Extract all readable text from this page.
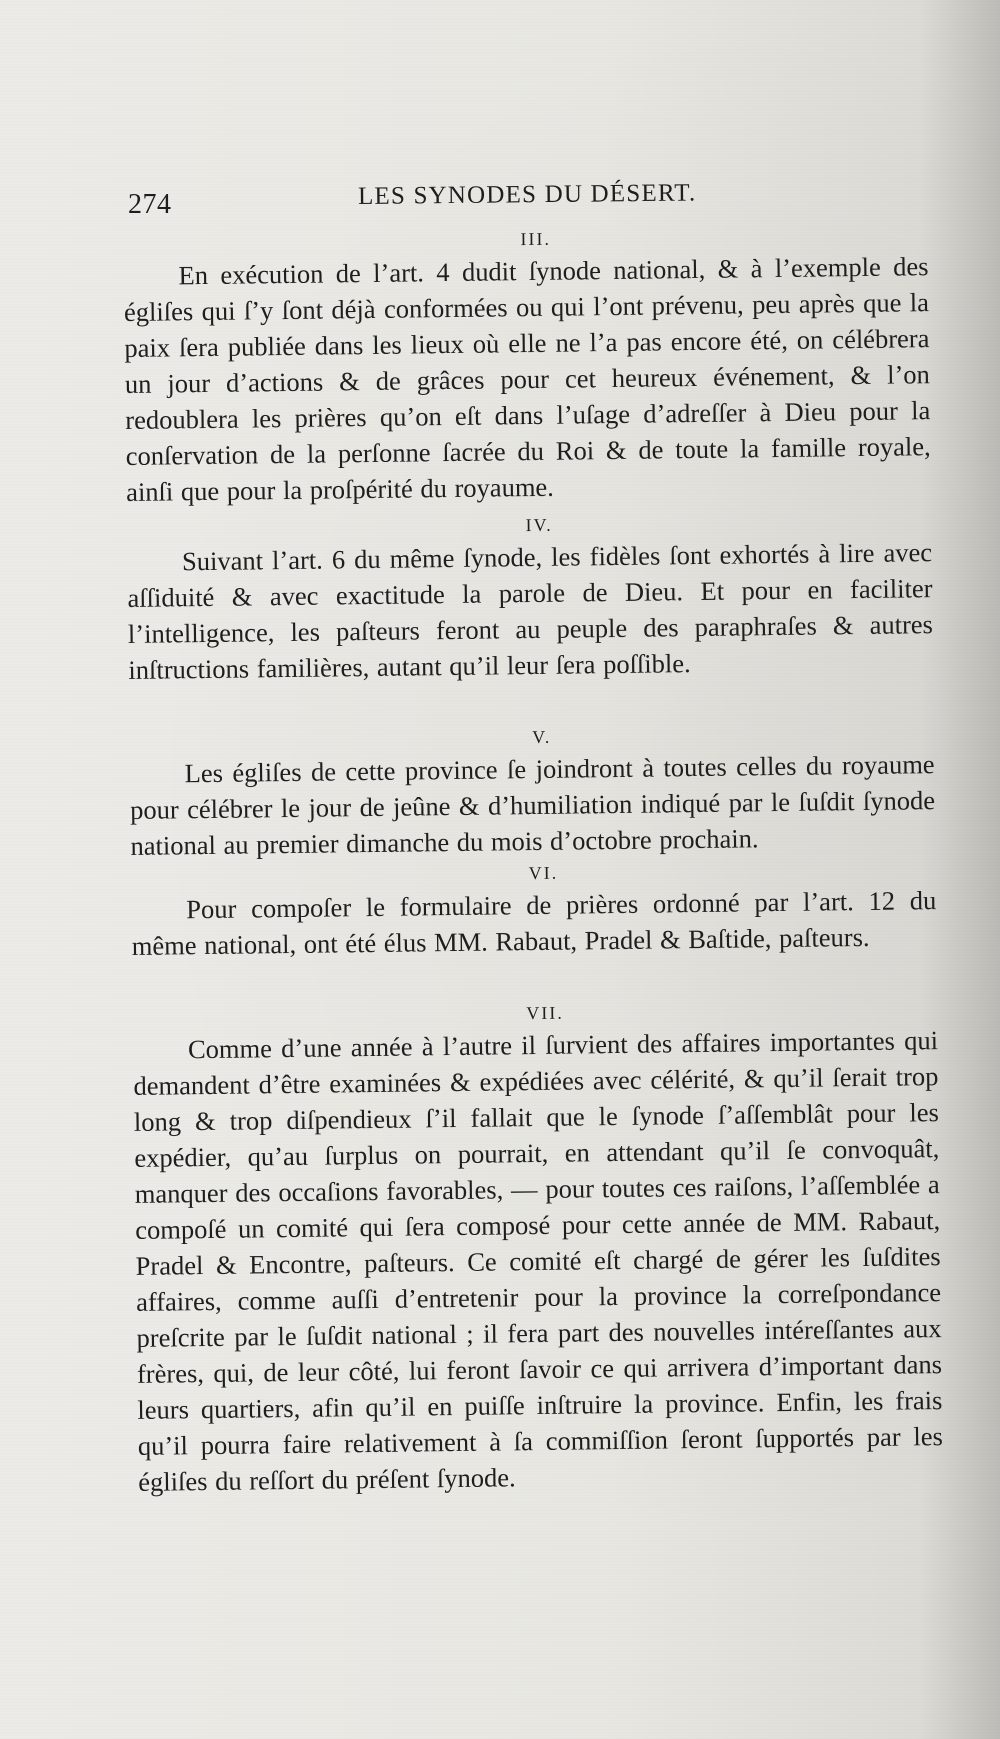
274	LES SYNODES DU DÉSERT.
III.

En exécution de l’art. 4 dudit ſynode national, & à l’exemple des égliſes qui ſ’y ſont déjà conformées ou qui l’ont prévenu, peu après que la paix ſera publiée dans les lieux où elle ne l’a pas encore été, on célébrera un jour d’actions & de grâces pour cet heureux événement, & l’on redoublera les prières qu’on eſt dans l’uſage d’adreſſer à Dieu pour la conſervation de la perſonne ſacrée du Roi & de toute la famille royale, ainſi que pour la proſpérité du royaume.

IV.

Suivant l’art. 6 du même ſynode, les fidèles ſont exhortés à lire avec aſſiduité & avec exactitude la parole de Dieu. Et pour en faciliter l’intelligence, les paſteurs feront au peuple des paraphraſes & autres inſtructions familières, autant qu’il leur ſera poſſible.

V.

Les égliſes de cette province ſe joindront à toutes celles du royaume pour célébrer le jour de jeûne & d’humiliation indiqué par le ſuſdit ſynode national au premier dimanche du mois d’octobre prochain.

VI.

Pour compoſer le formulaire de prières ordonné par l’art. 12 du même national, ont été élus MM. Rabaut, Pradel & Baſtide, paſteurs.

VII.

Comme d’une année à l’autre il ſurvient des affaires importantes qui demandent d’être examinées & expédiées avec célérité, & qu’il ſerait trop long & trop diſpendieux ſ’il fallait que le ſynode ſ’aſſemblât pour les expédier, qu’au ſurplus on pourrait, en attendant qu’il ſe convoquât, manquer des occaſions favorables, — pour toutes ces raiſons, l’aſſemblée a compoſé un comité qui ſera composé pour cette année de MM. Rabaut, Pradel & Encontre, paſteurs. Ce comité eſt chargé de gérer les ſuſdites affaires, comme auſſi d’entretenir pour la province la correſpondance preſcrite par le ſuſdit national ; il fera part des nouvelles intéreſſantes aux frères, qui, de leur côté, lui feront ſavoir ce qui arrivera d’important dans leurs quartiers, afin qu’il en puiſſe inſtruire la province. Enfin, les frais qu’il pourra faire relativement à ſa commiſſion ſeront ſupportés par les égliſes du reſſort du préſent ſynode.
